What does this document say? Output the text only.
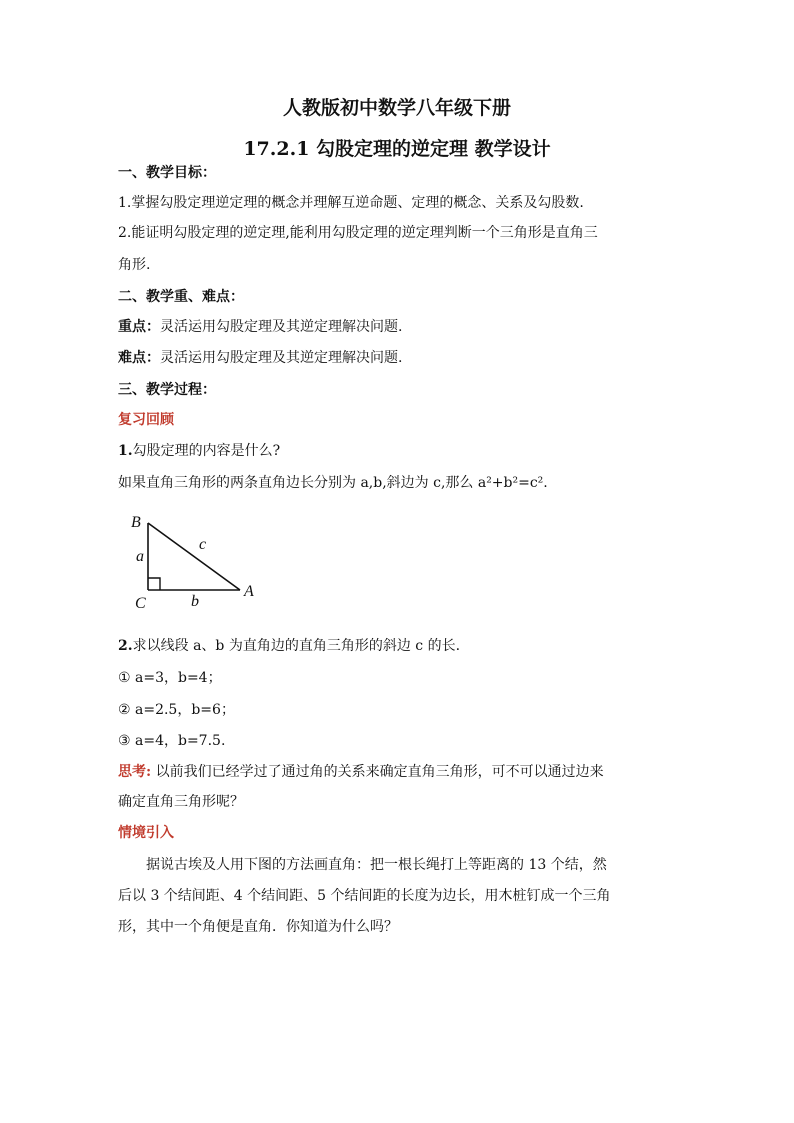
人教版初中数学八年级下册
17.2.1 勾股定理的逆定理 教学设计
一、教学目标：
1.掌握勾股定理逆定理的概念并理解互逆命题、定理的概念、关系及勾股数.
2.能证明勾股定理的逆定理,能利用勾股定理的逆定理判断一个三角形是直角三
角形.
二、教学重、难点：
重点：灵活运用勾股定理及其逆定理解决问题.
难点：灵活运用勾股定理及其逆定理解决问题.
三、教学过程：
复习回顾
1.勾股定理的内容是什么?
如果直角三角形的两条直角边长分别为 a,b,斜边为 c,那么 a²+b²=c².
B
C
A
a
b
c
2.求以线段 a、b 为直角边的直角三角形的斜边 c 的长.
① a=3，b=4；
② a=2.5，b=6；
③ a=4，b=7.5.
思考: 以前我们已经学过了通过角的关系来确定直角三角形，可不可以通过边来
确定直角三角形呢？
情境引入
据说古埃及人用下图的方法画直角：把一根长绳打上等距离的 13 个结，然
后以 3 个结间距、4 个结间距、5 个结间距的长度为边长，用木桩钉成一个三角
形，其中一个角便是直角．你知道为什么吗？
